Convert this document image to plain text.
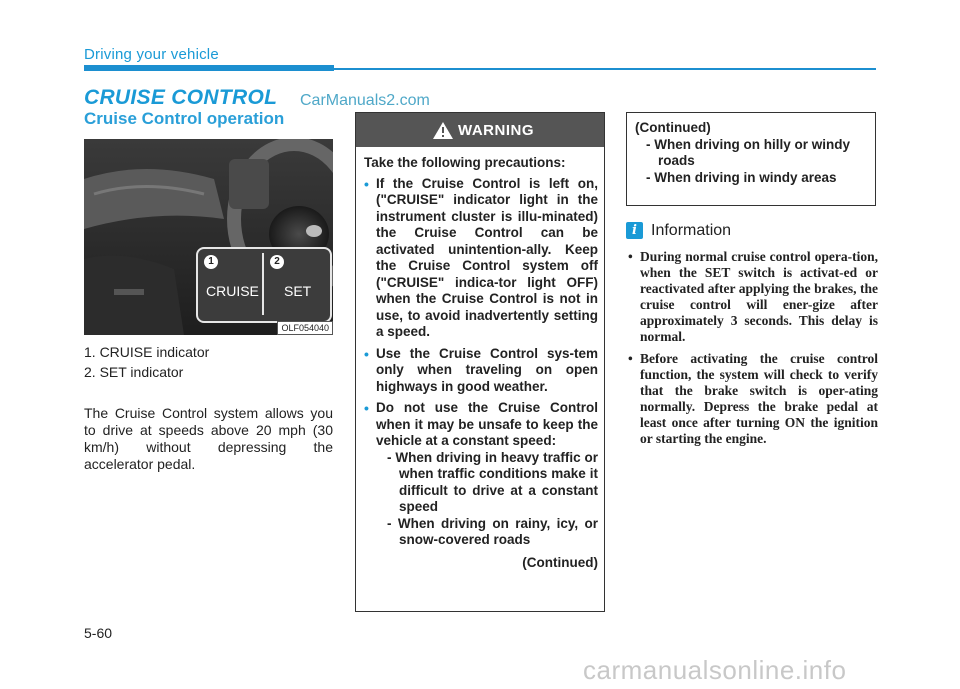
Driving your vehicle
CRUISE CONTROL CarManuals2.com
Cruise Control operation
1	2
CRUISE SET
OLF054040
1. CRUISE indicator
2. SET indicator
The Cruise Control system allows you to drive at speeds above 20 mph (30 km/h) without depressing the accelerator pedal.
WARNING

Take the following precautions:

• If the Cruise Control is left on, ("CRUISE" indicator light in the instrument cluster is illu-minated) the Cruise Control can be activated unintention-ally. Keep the Cruise Control system off ("CRUISE" indica-tor light OFF) when the Cruise Control is not in use, to avoid inadvertently setting a speed.
• Use the Cruise Control sys-tem only when traveling on open highways in good weather.
• Do not use the Cruise Control when it may be unsafe to keep the vehicle at a constant speed:

- When driving in heavy traffic or when traffic conditions make it difficult to drive at a constant speed

- When driving on rainy, icy, or snow-covered roads

(Continued)

(Continued)

- When driving on hilly or windy roads

- When driving in windy areas

i Information
• During normal cruise control opera-tion, when the SET switch is activat-ed or reactivated after applying the brakes, the cruise control will ener-gize after approximately 3 seconds. This delay is normal.
• Before activating the cruise control function, the system will check to verify that the brake switch is oper-ating normally. Depress the brake pedal at least once after turning ON the ignition or starting the engine.
5-60
carmanualsonline.info
